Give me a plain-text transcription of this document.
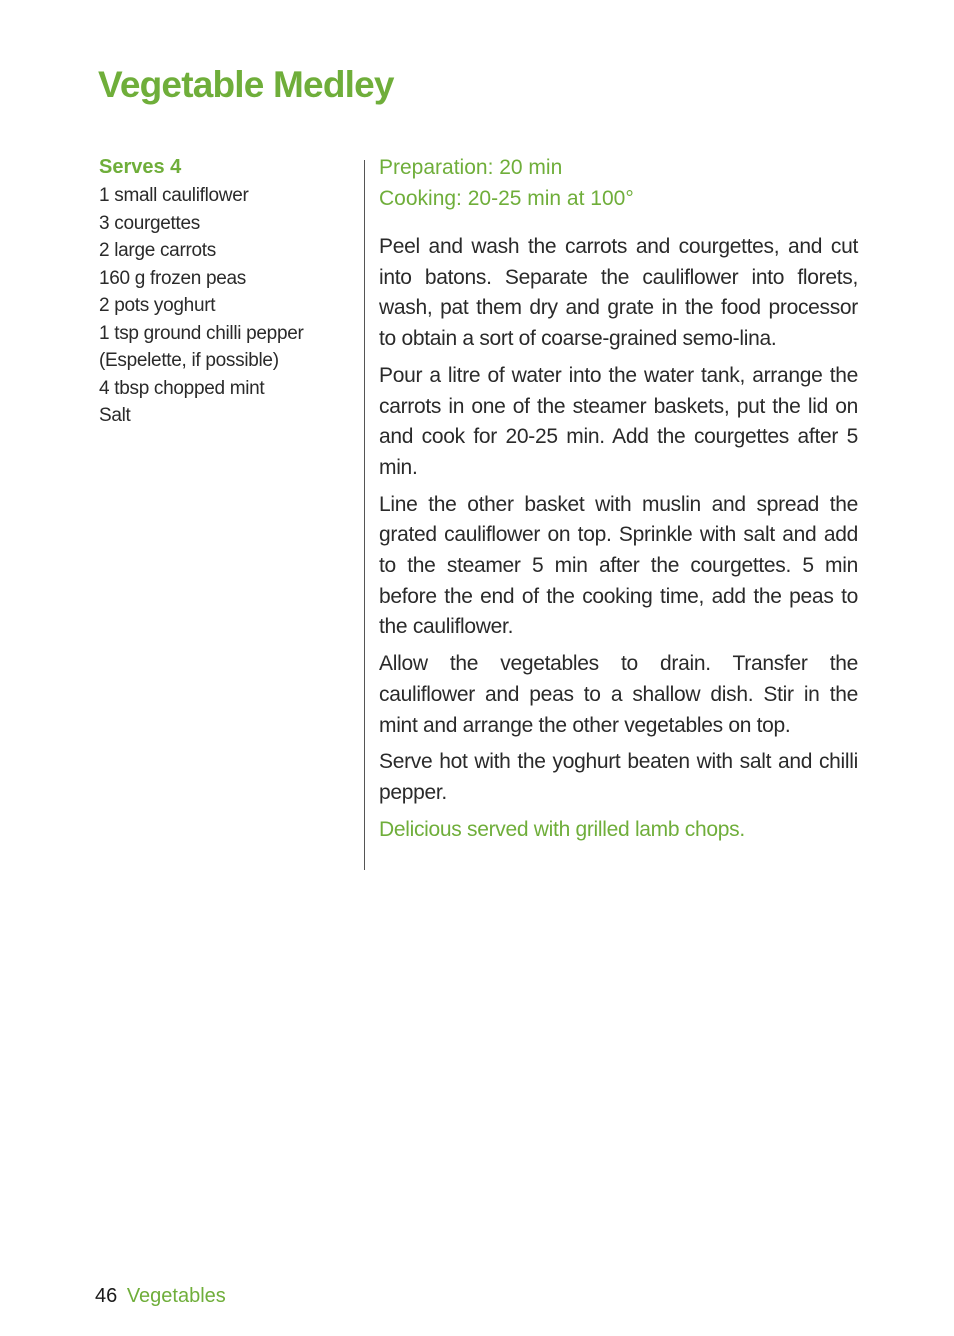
Vegetable Medley

Serves 4

1 small cauliflower
3 courgettes
2 large carrots
160 g frozen peas
2 pots yoghurt
1 tsp ground chilli pepper
(Espelette, if possible)
4 tbsp chopped mint
Salt
Preparation: 20 min
Cooking: 20-25 min at 100°

Peel and wash the carrots and courgettes, and cut into batons. Separate the cauliflower into florets, wash, pat them dry and grate in the food processor to obtain a sort of coarse-grained semo-lina.

Pour a litre of water into the water tank, arrange the carrots in one of the steamer baskets, put the lid on and cook for 20-25 min. Add the courgettes after 5 min.

Line the other basket with muslin and spread the grated cauliflower on top. Sprinkle with salt and add to the steamer 5 min after the courgettes. 5 min before the end of the cooking time, add the peas to the cauliflower.

Allow the vegetables to drain. Transfer the cauliflower and peas to a shallow dish. Stir in the mint and arrange the other vegetables on top.

Serve hot with the yoghurt beaten with salt and chilli pepper.

Delicious served with grilled lamb chops.

46 Vegetables
